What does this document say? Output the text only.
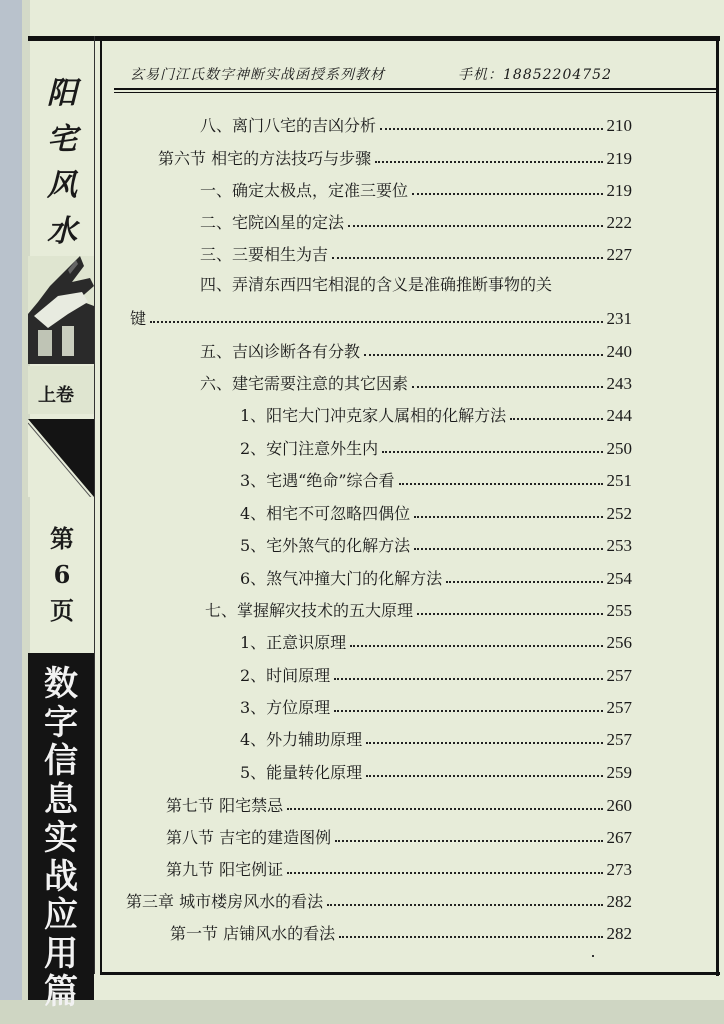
阳
宅
风
水
上卷
第
6
页
数
字
信
息
实
战
应
用
篇
玄易门江氏数字神断实战函授系列教材	手机：18852204752
八、离门八宅的吉凶分析	210
第六节 相宅的方法技巧与步骤	219
一、确定太极点，定准三要位	219
二、宅院凶星的定法	222
三、三要相生为吉	227
四、弄清东西四宅相混的含义是准确推断事物的关
键	231
五、吉凶诊断各有分教	240
六、建宅需要注意的其它因素	243
1、阳宅大门冲克家人属相的化解方法	244
2、安门注意外生内	250
3、宅遇“绝命”综合看	251
4、相宅不可忽略四偶位	252
5、宅外煞气的化解方法	253
6、煞气冲撞大门的化解方法	254
七、掌握解灾技术的五大原理	255
1、正意识原理	256
2、时间原理	257
3、方位原理	257
4、外力辅助原理	257
5、能量转化原理	259
第七节 阳宅禁忌	260
第八节 吉宅的建造图例	267
第九节 阳宅例证	273
第三章 城市楼房风水的看法	282
第一节 店铺风水的看法	282
